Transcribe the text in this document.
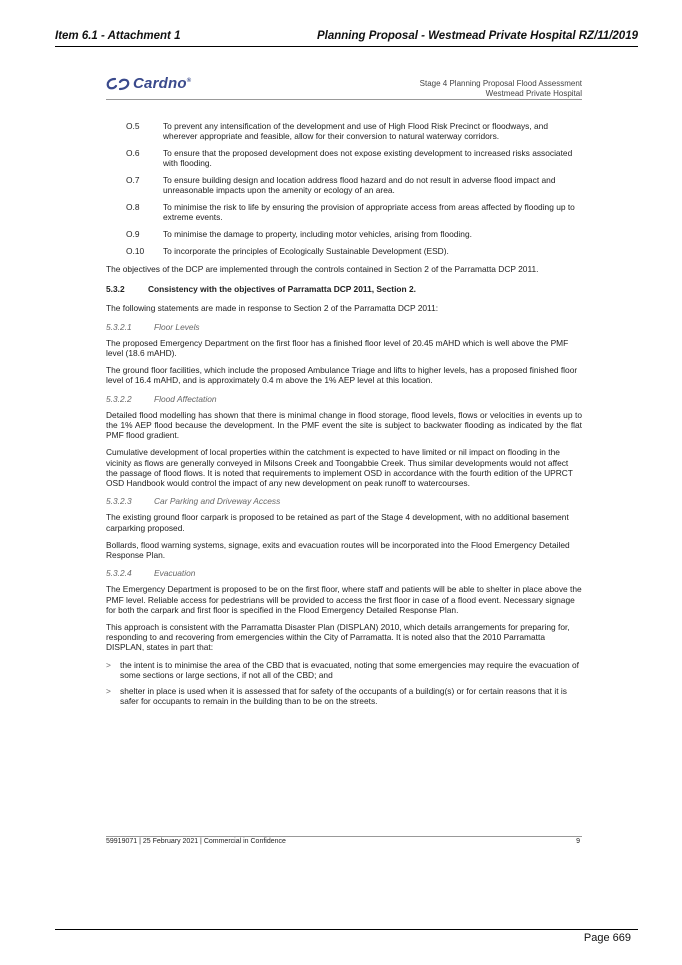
Item 6.1 - Attachment 1	Planning Proposal - Westmead Private Hospital RZ/11/2019
Cardno®	Stage 4 Planning Proposal Flood Assessment
Westmead Private Hospital
O.5	To prevent any intensification of the development and use of High Flood Risk Precinct or floodways, and wherever appropriate and feasible, allow for their conversion to natural waterway corridors.
O.6	To ensure that the proposed development does not expose existing development to increased risks associated with flooding.
O.7	To ensure building design and location address flood hazard and do not result in adverse flood impact and unreasonable impacts upon the amenity or ecology of an area.
O.8	To minimise the risk to life by ensuring the provision of appropriate access from areas affected by flooding up to extreme events.
O.9	To minimise the damage to property, including motor vehicles, arising from flooding.
O.10	To incorporate the principles of Ecologically Sustainable Development (ESD).

The objectives of the DCP are implemented through the controls contained in Section 2 of the Parramatta DCP 2011.

5.3.2	Consistency with the objectives of Parramatta DCP 2011, Section 2.

The following statements are made in response to Section 2 of the Parramatta DCP 2011:

5.3.2.1	Floor Levels

The proposed Emergency Department on the first floor has a finished floor level of 20.45 mAHD which is well above the PMF level (18.6 mAHD).

The ground floor facilities, which include the proposed Ambulance Triage and lifts to higher levels, has a proposed finished floor level of 16.4 mAHD, and is approximately 0.4 m above the 1% AEP level at this location.

5.3.2.2	Flood Affectation

Detailed flood modelling has shown that there is minimal change in flood storage, flood levels, flows or velocities in events up to the 1% AEP flood because the development. In the PMF event the site is subject to backwater flooding as indicated by the flat PMF flood gradient.

Cumulative development of local properties within the catchment is expected to have limited or nil impact on flooding in the vicinity as flows are generally conveyed in Milsons Creek and Toongabbie Creek. Thus similar developments would not affect the passage of flood flows. It is noted that requirements to implement OSD in accordance with the fourth edition of the UPRCT OSD Handbook would control the impact of any new development on peak runoff to watercourses.

5.3.2.3	Car Parking and Driveway Access

The existing ground floor carpark is proposed to be retained as part of the Stage 4 development, with no additional basement carparking proposed.

Bollards, flood warning systems, signage, exits and evacuation routes will be incorporated into the Flood Emergency Detailed Response Plan.

5.3.2.4	Evacuation

The Emergency Department is proposed to be on the first floor, where staff and patients will be able to shelter in place above the PMF level. Reliable access for pedestrians will be provided to access the first floor in case of a flood event. Necessary signage for both the carpark and first floor is specified in the Flood Emergency Detailed Response Plan.

This approach is consistent with the Parramatta Disaster Plan (DISPLAN) 2010, which details arrangements for preparing for, responding to and recovering from emergencies within the City of Parramatta. It is noted also that the 2010 Parramatta DISPLAN, states in part that:

>	the intent is to minimise the area of the CBD that is evacuated, noting that some emergencies may require the evacuation of some sections or large sections, if not all of the CBD; and
>	shelter in place is used when it is assessed that for safety of the occupants of a building(s) or for certain reasons that it is safer for occupants to remain in the building than to be on the streets.
59919071 | 25 February 2021 | Commercial in Confidence	9
Page 669
